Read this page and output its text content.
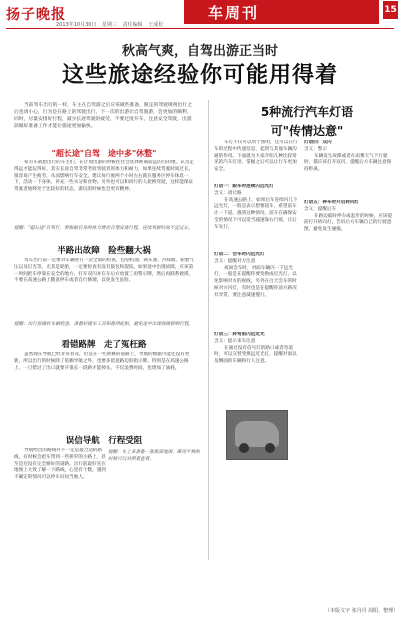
扬子晚报	车周刊	15
2013年10月30日 星期三 责任编辑 王成松
秋高气爽，自驾出游正当时
这些旅途经验你可能用得着
当前驾车出行的一样，车主在自驾游之后应该做些准备，限定的驾驶规则出行之后也请小心，行为是在路上的驾驶出行，下一次的出游让自驾旅游，会更加的顺利，同时，尽量安排好行程，减少长途驾驶的疲劳，不要过度开车，注意安全驾驶，出游前做好准备工作才能让旅途更加愉快。
"超长途"自驾　途中多"休整"
家有车就想出行的车主们，在计划出游的时候往往会选择距离较远的目的地，认为走得远才能玩得好。其实长途自驾非常考验驾驶者的体力和耐力，如果连续驾驶时间过长，很容易产生疲劳，从而影响行车安全。建议每行驶两个小时左右就在服务区停车休息一下，活动一下身体，补充一些水分和食物。另外也可以和同行的人轮换驾驶，这样能保证驾驶者始终处于比较好的状态，游玩的时候也会更有精神。
提醒："超长途"自驾行，要根据自身的体力情况合理安排行程，连续驾驶时间不宜过长。
半路出故障　险些翻大祸
驾车出行前一定要对车辆进行一次全面的检查，包括机油、刹车油、冷却液、轮胎气压以及灯光等，尤其是轮胎，一定要检查有没有鼓包和裂纹。如果途中出现故障，应该第一时间把车停靠在安全的地方，打开双闪并在车后方放置三角警示牌，然后再联系救援，不要在高速公路上随意停车或者自行修理，以免发生危险。
提醒：出行前做好车辆检查，准备好随车工具和备用轮胎，避免途中出现故障影响行程。
看错路牌　走了冤枉路
虽然现在导航已经非常普及，但是在一些新修的道路上，导航的数据可能还没有更新，所以出行的时候除了依赖导航之外，也要多留意路边的指示牌。特别是在高速公路上，一旦错过了出口就要开很长一段路才能掉头，不仅浪费时间，也增加了油耗。
误信导航　行程受阻
导航给出的路线并不一定是最合适的路线，有时候会把车带到一些狭窄的小路上，甚至是还没有完全修好的道路。出行前最好先在地图上大致了解一下路线，心里有个数，遇到不确定的情况可以停车问问当地人。
提醒：车上多准备一张纸质地图，路况不熟的时候可以对照着查看。
5种流行汽车灯语
可"传情达意"
车灯不仅可以用于照明，还可以在行车的过程中传递信息，起到与其他车辆沟通的作用。下面就为大家介绍几种比较常见的汽车灯语，掌握之后可以让行车更加安全。
灯语一：跟车时连续闪远光灯
含义：请让路
在高速公路上，如果后车连续闪几下远光灯，一般是表示想要超车，希望前车让一下道。遇到这种情况，前车在确保安全的情况下可以适当减速靠右行驶，让后车先行。
灯语二：会车时闪远光灯
含义：提醒对方注意
夜间会车时，对面车辆闪一下远光灯，一般是在提醒你要变换成近光灯，以免影响对方的视线。另外在白天会车的时候对方闪灯，有时也是在提醒你前方路况有异常，要注意减速慢行。
灯语三：转弯前闪远近光
含义：提示来车注意
在通过没有信号灯的路口或者弯道时，可以交替变换远近光灯，提醒对面以及侧面的车辆和行人注意。
灯语四：双闪
含义：警示
车辆发生故障或者在雨雾天气下行驶时，都应该打开双闪，提醒后方车辆注意保持距离。
灯语五：停车时开启转向灯
含义：提醒后车
在路边临时停车或起步的时候，应该提前打开转向灯，告诉后方车辆自己的行驶意图，避免发生碰撞。
（本版文字 张丹丹 周阳，整理）
